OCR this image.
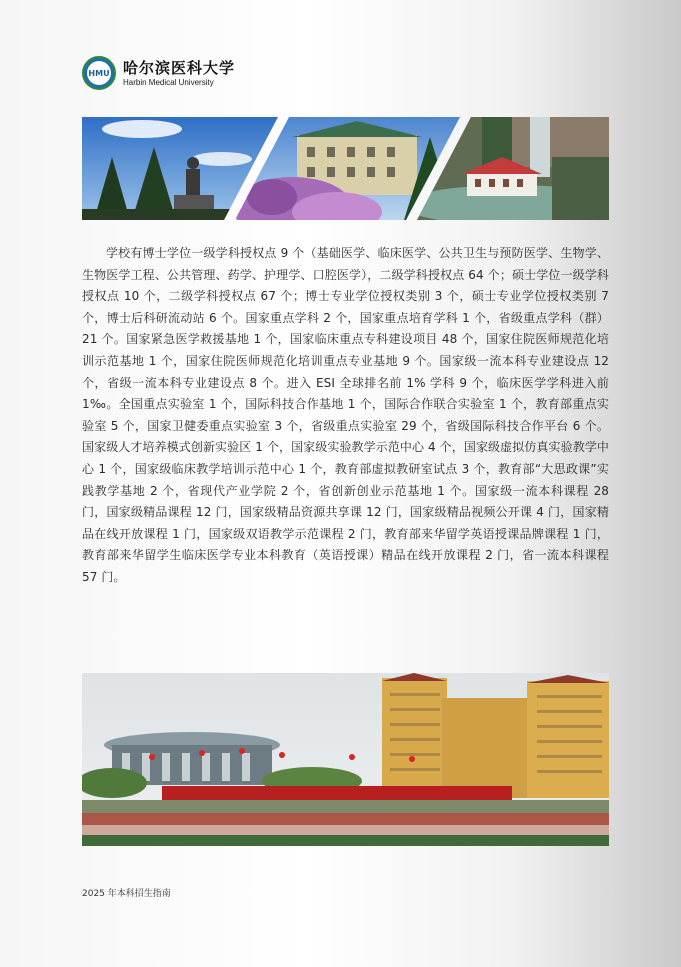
HMU 哈尔滨医科大学
Harbin Medical University

学校有博士学位一级学科授权点 9 个（基础医学、临床医学、公共卫生与预防医学、生物学、生物医学工程、公共管理、药学、护理学、口腔医学），二级学科授权点 64 个；硕士学位一级学科授权点 10 个，二级学科授权点 67 个；博士专业学位授权类别 3 个，硕士专业学位授权类别 7 个，博士后科研流动站 6 个。国家重点学科 2 个，国家重点培育学科 1 个，省级重点学科（群）21 个。国家紧急医学救援基地 1 个，国家临床重点专科建设项目 48 个，国家住院医师规范化培训示范基地 1 个，国家住院医师规范化培训重点专业基地 9 个。国家级一流本科专业建设点 12 个，省级一流本科专业建设点 8 个。进入 ESI 全球排名前 1% 学科 9 个，临床医学学科进入前 1‰。全国重点实验室 1 个，国际科技合作基地 1 个，国际合作联合实验室 1 个，教育部重点实验室 5 个，国家卫健委重点实验室 3 个，省级重点实验室 29 个，省级国际科技合作平台 6 个。国家级人才培养模式创新实验区 1 个，国家级实验教学示范中心 4 个，国家级虚拟仿真实验教学中心 1 个，国家级临床教学培训示范中心 1 个，教育部虚拟教研室试点 3 个，教育部“大思政课”实践教学基地 2 个，省现代产业学院 2 个，省创新创业示范基地 1 个。国家级一流本科课程 28 门，国家级精品课程 12 门，国家级精品资源共享课 12 门，国家级精品视频公开课 4 门，国家精品在线开放课程 1 门，国家级双语教学示范课程 2 门，教育部来华留学英语授课品牌课程 1 门，教育部来华留学生临床医学专业本科教育（英语授课）精品在线开放课程 2 门，省一流本科课程 57 门。

2025 年本科招生指南
